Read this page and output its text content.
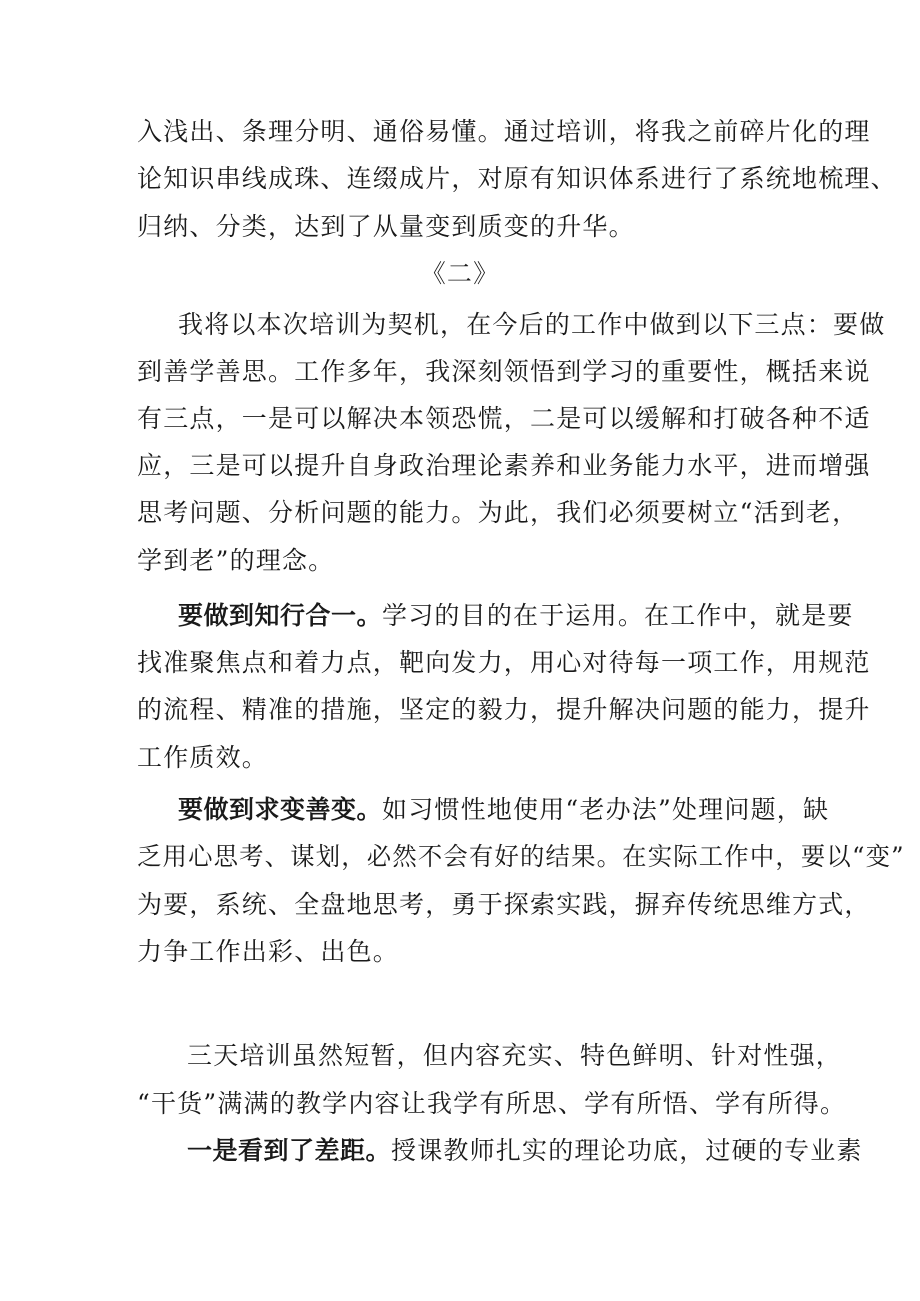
入浅出、条理分明、通俗易懂。通过培训，将我之前碎片化的理
论知识串线成珠、连缀成片，对原有知识体系进行了系统地梳理、
归纳、分类，达到了从量变到质变的升华。
《二》
我将以本次培训为契机，在今后的工作中做到以下三点：要做
到善学善思。工作多年，我深刻领悟到学习的重要性，概括来说
有三点，一是可以解决本领恐慌，二是可以缓解和打破各种不适
应，三是可以提升自身政治理论素养和业务能力水平，进而增强
思考问题、分析问题的能力。为此，我们必须要树立“活到老，
学到老”的理念。
要做到知行合一。学习的目的在于运用。在工作中，就是要
找准聚焦点和着力点，靶向发力，用心对待每一项工作，用规范
的流程、精准的措施，坚定的毅力，提升解决问题的能力，提升
工作质效。
要做到求变善变。如习惯性地使用“老办法”处理问题，缺
乏用心思考、谋划，必然不会有好的结果。在实际工作中，要以“变”
为要，系统、全盘地思考，勇于探索实践，摒弃传统思维方式，
力争工作出彩、出色。
三天培训虽然短暂，但内容充实、特色鲜明、针对性强，
“干货”满满的教学内容让我学有所思、学有所悟、学有所得。
一是看到了差距。授课教师扎实的理论功底，过硬的专业素
